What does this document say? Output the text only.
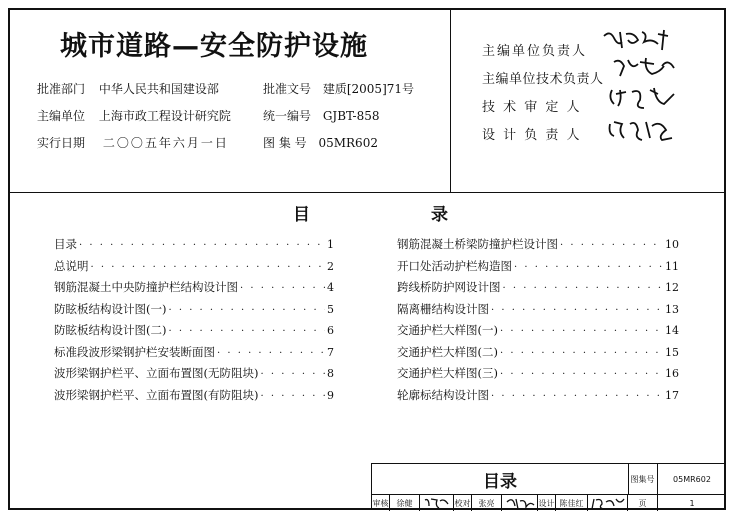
城市道路—安全防护设施
批准部门 中华人民共和国建设部	批准文号 建质[2005]71号
主编单位 上海市政工程设计研究院	统一编号 GJBT-858
实行日期 二〇〇五年六月一日	图 集 号 05MR602
主编单位负责人
主编单位技术负责人
技 术 审 定 人
设 计 负 责 人
目	录
目录 · · ·	1
总说明 · · ·	2
钢筋混凝土中央防撞护栏结构设计图 · · ·	4
防眩板结构设计图(一) · · ·	5
防眩板结构设计图(二) · · ·	6
标准段波形梁钢护栏安装断面图 · · ·	7
波形梁钢护栏平、立面布置图(无防阻块) · · ·	8
波形梁钢护栏平、立面布置图(有防阻块) · · ·	9
钢筋混凝土桥梁防撞护栏设计图 · · ·	10
开口处活动护栏构造图 · · ·	11
跨线桥防护网设计图 · · ·	12
隔离栅结构设计图 · · ·	13
交通护栏大样图(一) · · ·	14
交通护栏大样图(二) · · ·	15
交通护栏大样图(三) · · ·	16
轮廓标结构设计图 · · ·	17
目录	图集号	05MR602
审核	徐健	校对	张亮	设计 陈佳红	页	1
